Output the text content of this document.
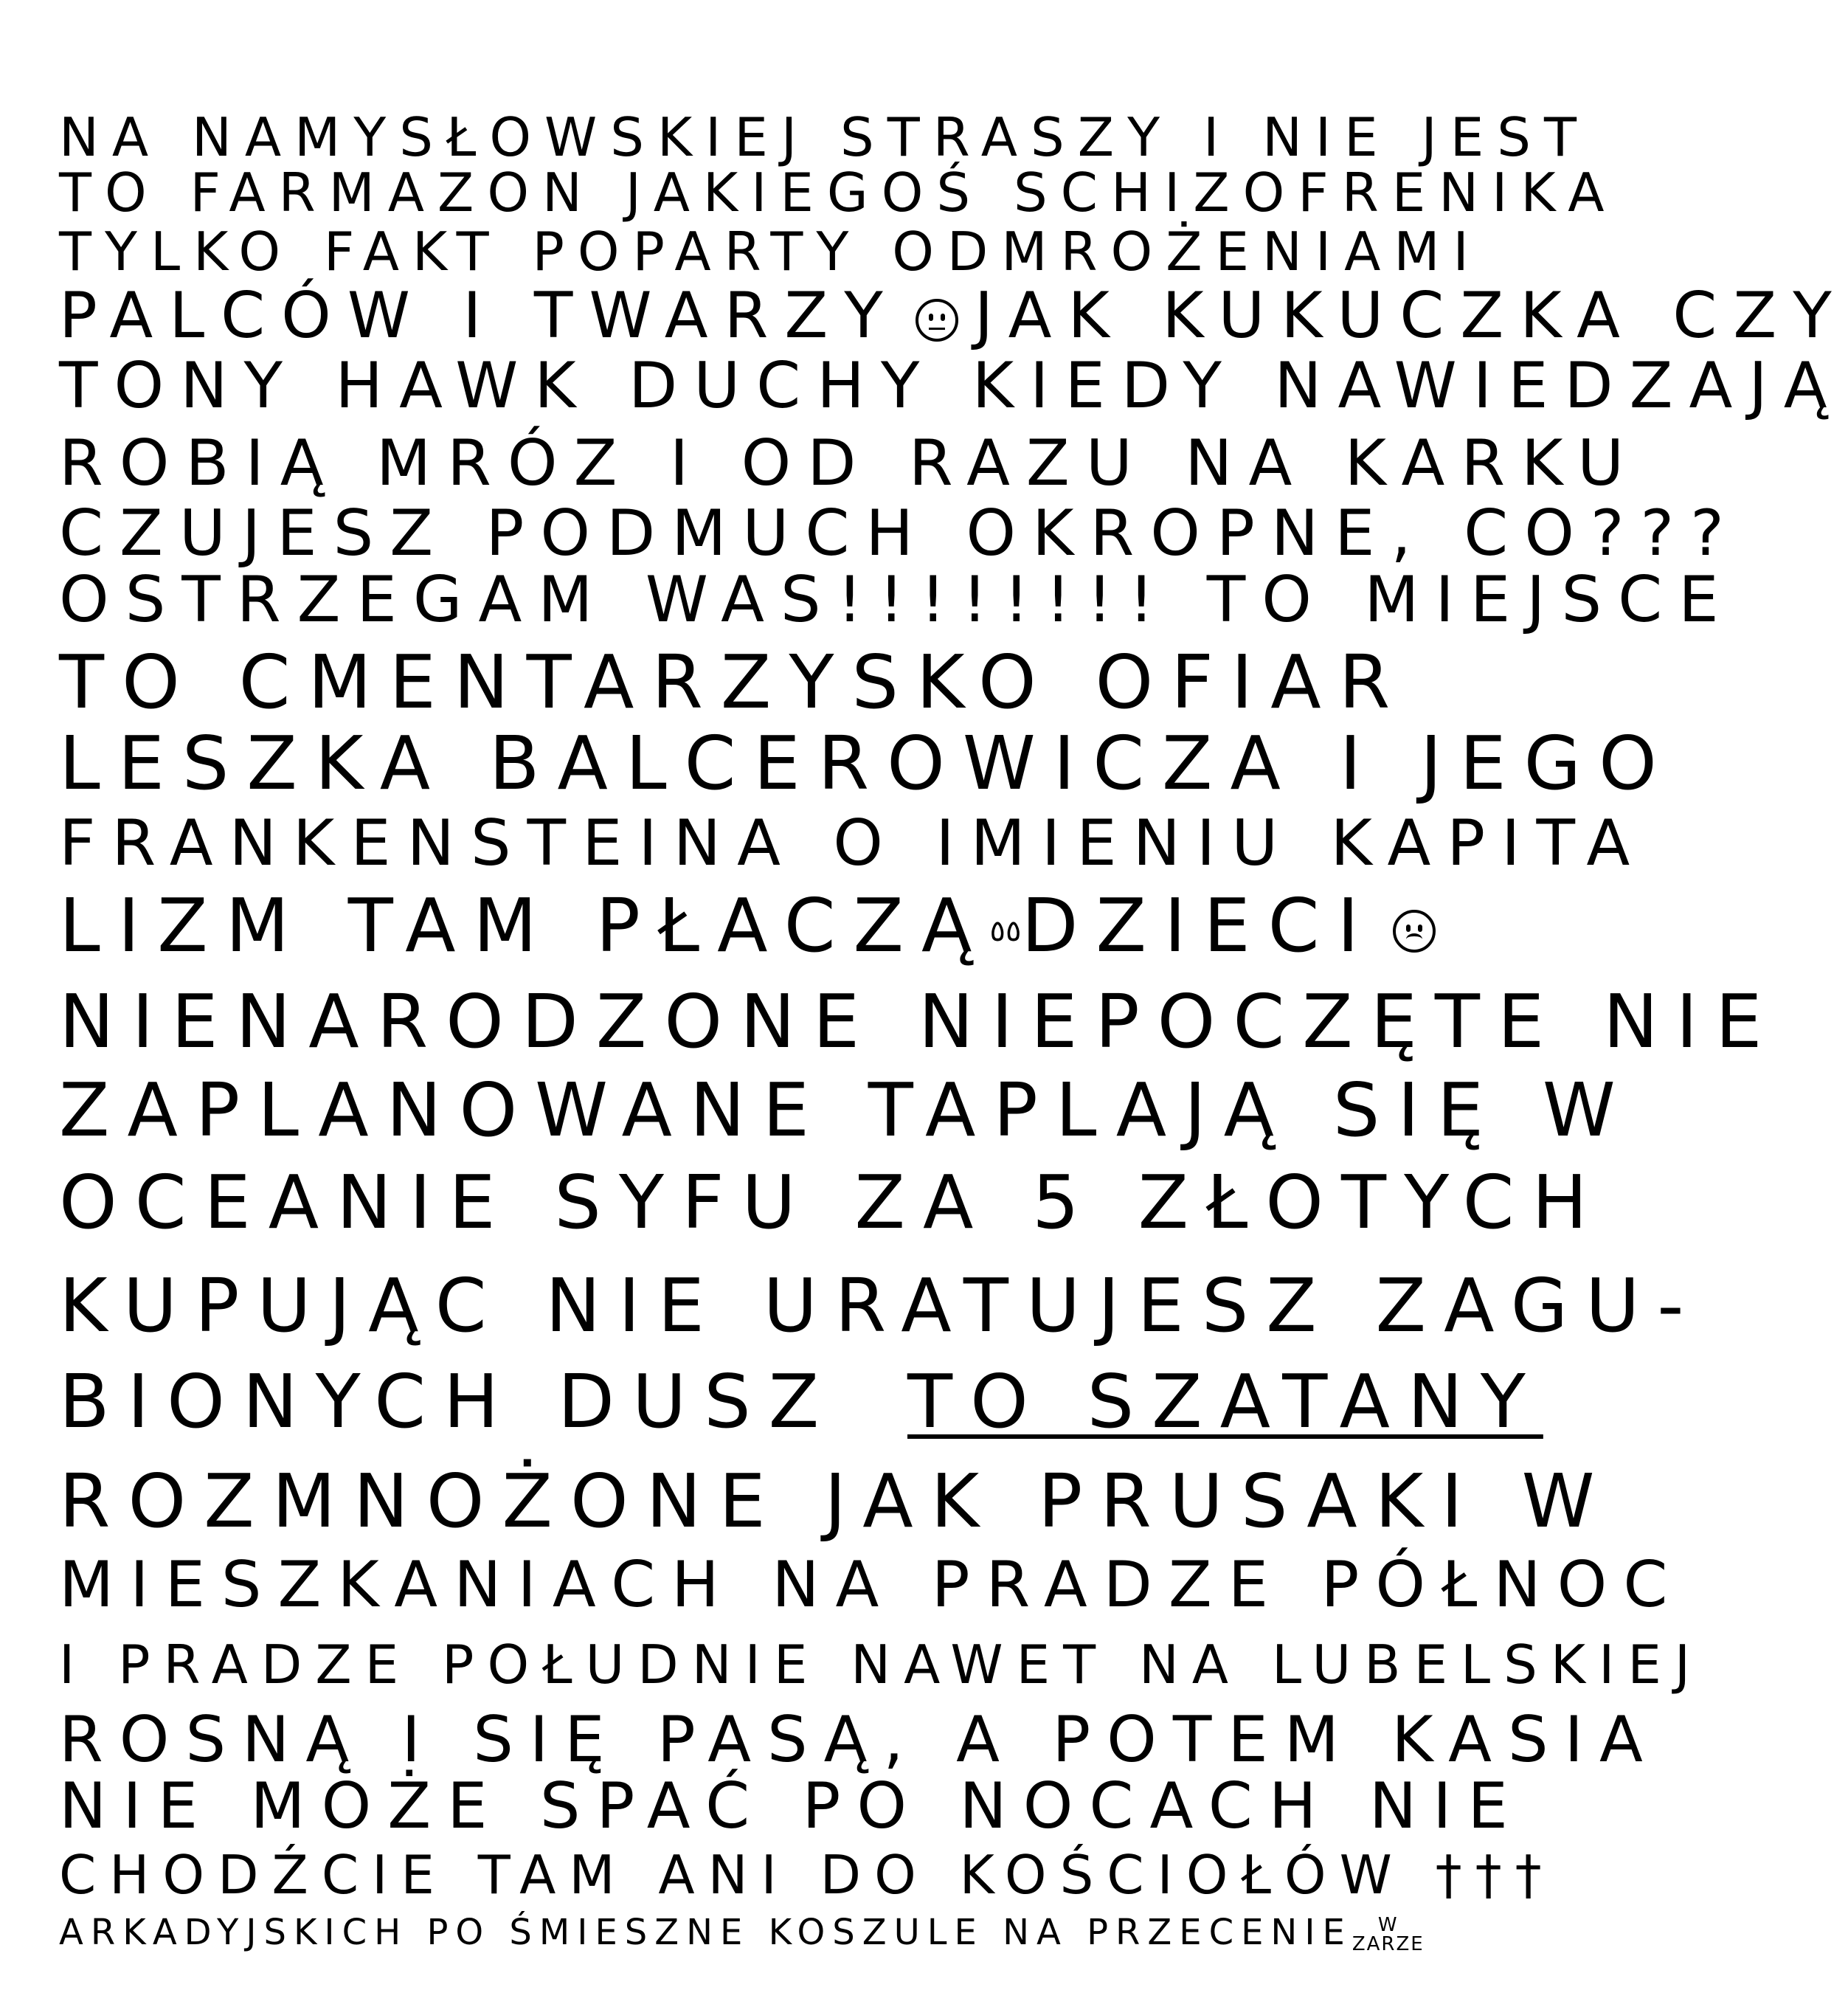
NA NAMYSŁOWSKIEJ STRASZY I NIE JEST
TO FARMAZON JAKIEGOŚ SCHIZOFRENIKA
TYLKO FAKT POPARTY ODMROŻENIAMI
PALCÓW I TWARZY JAK KUKUCZKA CZY
TONY HAWK DUCHY KIEDY NAWIEDZAJĄ
ROBIĄ MRÓZ I OD RAZU NA KARKU
CZUJESZ PODMUCH OKROPNE, CO???
OSTRZEGAM WAS!!!!!!!! TO MIEJSCE
TO CMENTARZYSKO OFIAR
LESZKA BALCEROWICZA I JEGO
FRANKENSTEINA O IMIENIU KAPITA
LIZM TAM PŁACZĄ٥٥DZIECI
NIENARODZONE NIEPOCZĘTE NIE
ZAPLANOWANE TAPLAJĄ SIĘ W
OCEANIE SYFU ZA 5 ZŁOTYCH
KUPUJĄC NIE URATUJESZ ZAGU-
BIONYCH DUSZ TO SZATANY
ROZMNOŻONE JAK PRUSAKI W
MIESZKANIACH NA PRADZE PÓŁNOC
I PRADZE POŁUDNIE NAWET NA LUBELSKIEJ
ROSNĄ I SIĘ PASĄ, A POTEM KASIA
NIE MOŻE SPAĆ PO NOCACH NIE
CHODŹCIE TAM ANI DO KOŚCIOŁÓW †††
ARKADYJSKICH PO ŚMIESZNE KOSZULE NA PRZECENIE	W
ZARZE
